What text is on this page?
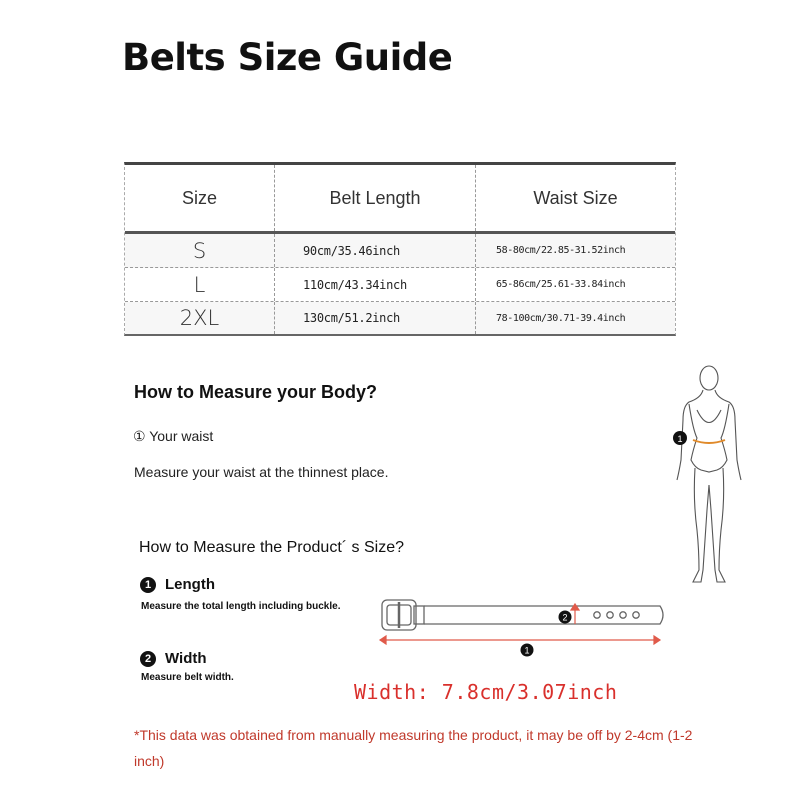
Belts Size Guide
Size	Belt Length	Waist Size
S	90cm/35.46inch	58-80cm/22.85-31.52inch
L	110cm/43.34inch	65-86cm/25.61-33.84inch
2XL	130cm/51.2inch	78-100cm/30.71-39.4inch
How to Measure your Body?
① Your waist
Measure your waist at the thinnest place.
1
How to Measure the Product´ s Size?
1 Length
Measure the total length including buckle.
2 Width
Measure belt width.
2
1
Width: 7.8cm/3.07inch
*This data was obtained from manually measuring the product, it may be off by 2-4cm (1-2 inch)
